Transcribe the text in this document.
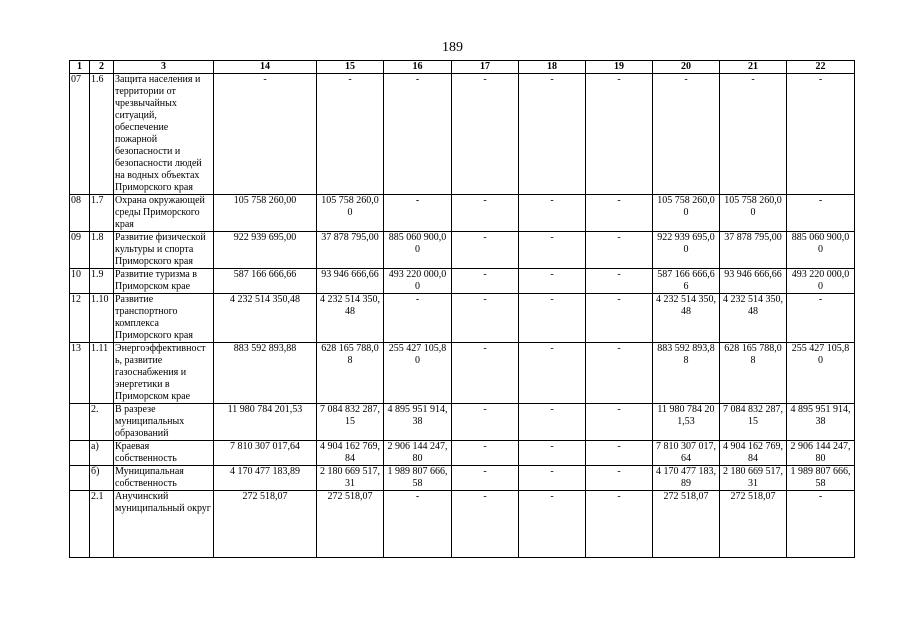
189
1	2	3	14	15	16	17	18	19	20	21	22
07	1.6	Защита населения и территории от чрезвычайных ситуаций, обеспечение пожарной безопасности и безопасности людей на водных объектах Приморского края	-	-	-	-	-	-	-	-	-
08	1.7	Охрана окружающей среды Приморского края	105 758 260,00	105 758 260,0 0	-	-	-	-	105 758 260,0 0	105 758 260,0 0	-
09	1.8	Развитие физической культуры и спорта Приморского края	922 939 695,00	37 878 795,00	885 060 900,0 0	-	-	-	922 939 695,0 0	37 878 795,00	885 060 900,0 0
10	1.9	Развитие туризма в Приморском крае	587 166 666,66	93 946 666,66	493 220 000,0 0	-	-	-	587 166 666,6 6	93 946 666,66	493 220 000,0 0
12	1.10	Развитие транспортного комплекса Приморского края	4 232 514 350,48	4 232 514 350, 48	-	-	-	-	4 232 514 350, 48	4 232 514 350, 48	-
13	1.11	Энергоэффективност ь, развитие газоснабжения и энергетики в Приморском крае	883 592 893,88	628 165 788,0 8	255 427 105,8 0	-	-	-	883 592 893,8 8	628 165 788,0 8	255 427 105,8 0
	2.	В разрезе муниципальных образований	11 980 784 201,53	7 084 832 287, 15	4 895 951 914, 38	-	-	-	11 980 784 20 1,53	7 084 832 287, 15	4 895 951 914, 38
	а)	Краевая собственность	7 810 307 017,64	4 904 162 769, 84	2 906 144 247, 80	-	-	-	7 810 307 017, 64	4 904 162 769, 84	2 906 144 247, 80
	б)	Муниципальная собственность	4 170 477 183,89	2 180 669 517, 31	1 989 807 666, 58	-	-	-	4 170 477 183, 89	2 180 669 517, 31	1 989 807 666, 58
	2.1	Анучинский муниципальный округ	272 518,07	272 518,07	-	-	-	-	272 518,07	272 518,07	-
